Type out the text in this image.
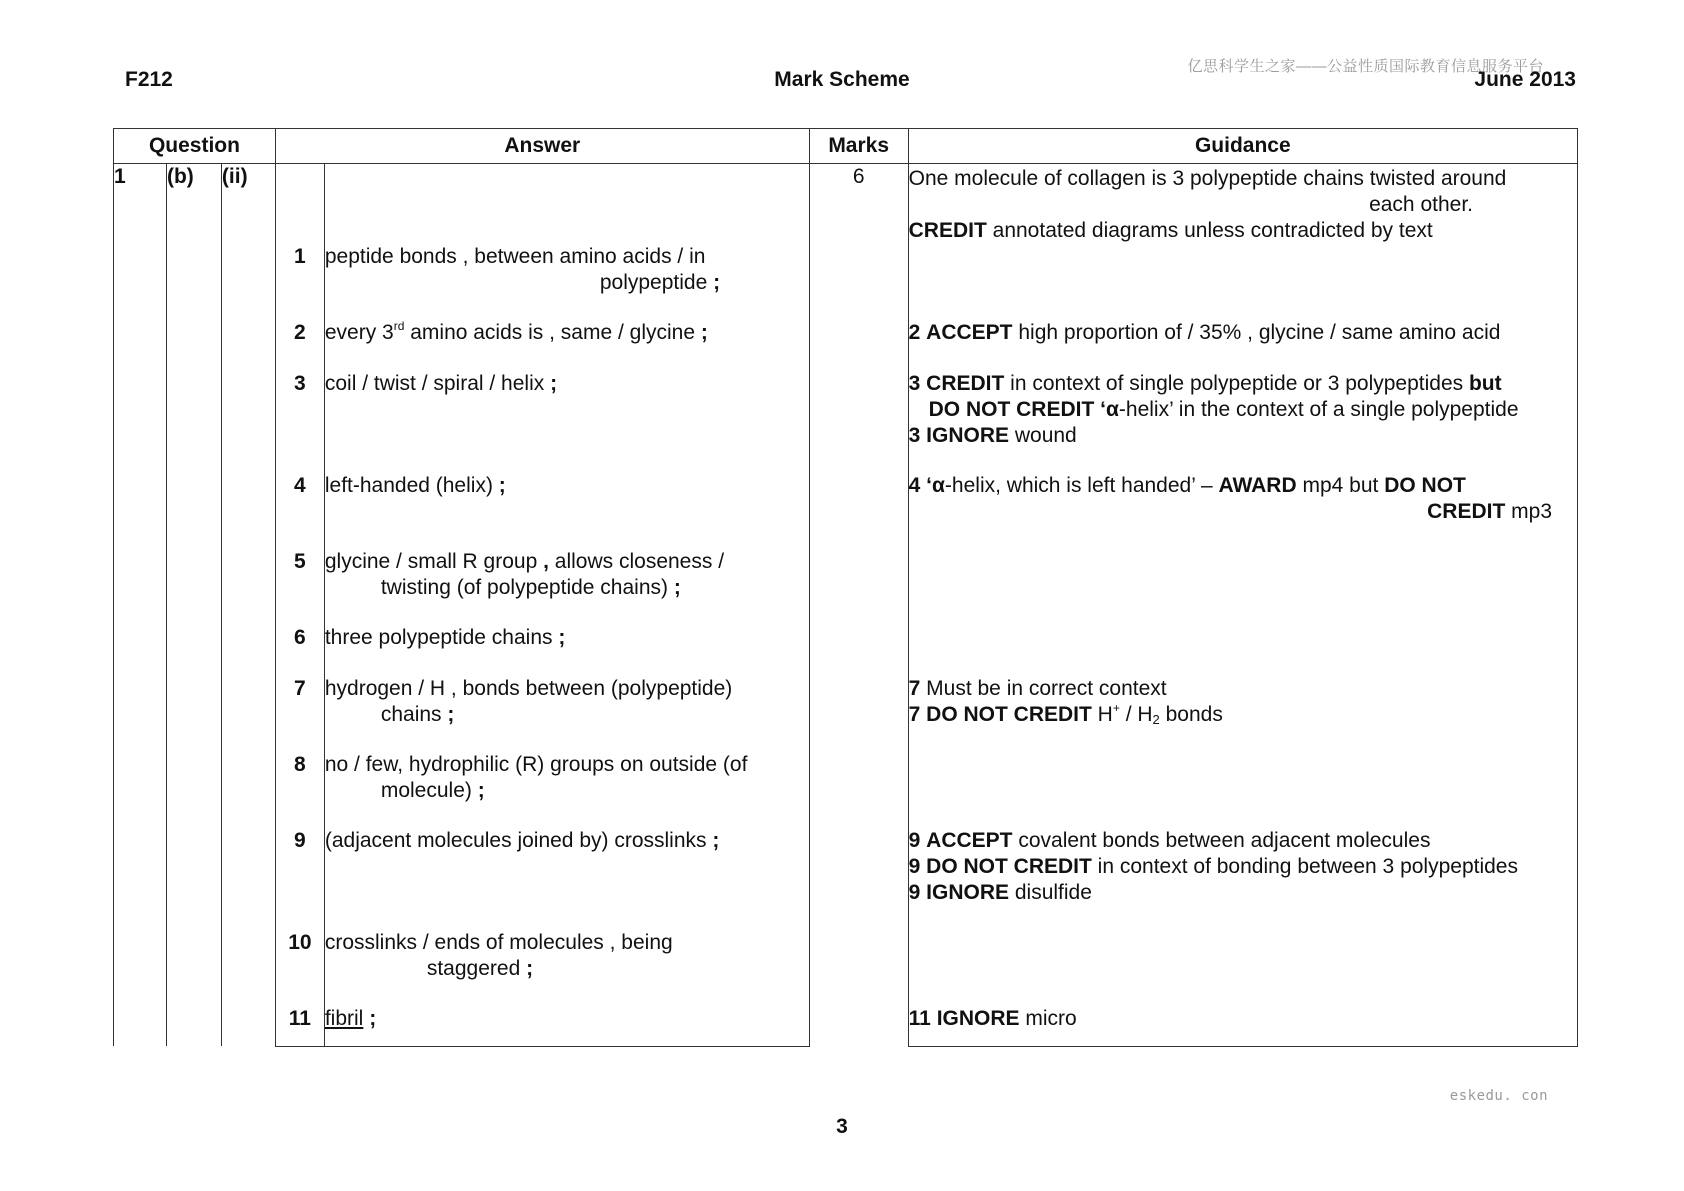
F212	Mark Scheme	June 2013
亿思科学生之家——公益性质国际教育信息服务平台
Question			Answer		Marks	Guidance
1	(b)	(ii)			6	One molecule of collagen is 3 polypeptide chains twisted around
each other.
CREDIT annotated diagrams unless contradicted by text

			1	peptide bonds , between amino acids / in
polypeptide ;		

			2	every 3rd amino acids is , same / glycine ;		2 ACCEPT high proportion of / 35% , glycine / same amino acid
			3	coil / twist / spiral / helix ;		3 CREDIT in context of single polypeptide or 3 polypeptides but
DO NOT CREDIT ‘α-helix’ in the context of a single polypeptide
3 IGNORE wound

			4	left-handed (helix) ;		4 ‘α-helix, which is left handed’ – AWARD mp4 but DO NOT
CREDIT mp3

			5	glycine / small R group , allows closeness /
twisting (of polypeptide chains) ;		

			6	three polypeptide chains ;		
			7	hydrogen / H , bonds between (polypeptide)
chains ;		7 Must be in correct context
7 DO NOT CREDIT $H^+ / H_2$ bonds

			8	no / few, hydrophilic (R) groups on outside (of
molecule) ;		

			9	(adjacent molecules joined by) crosslinks ;		9 ACCEPT covalent bonds between adjacent molecules
9 DO NOT CREDIT in context of bonding between 3 polypeptides
9 IGNORE disulfide

			10	crosslinks / ends of molecules , being
staggered ;		

			11	fibril ;		11 IGNORE micro
eskedu. con
3
